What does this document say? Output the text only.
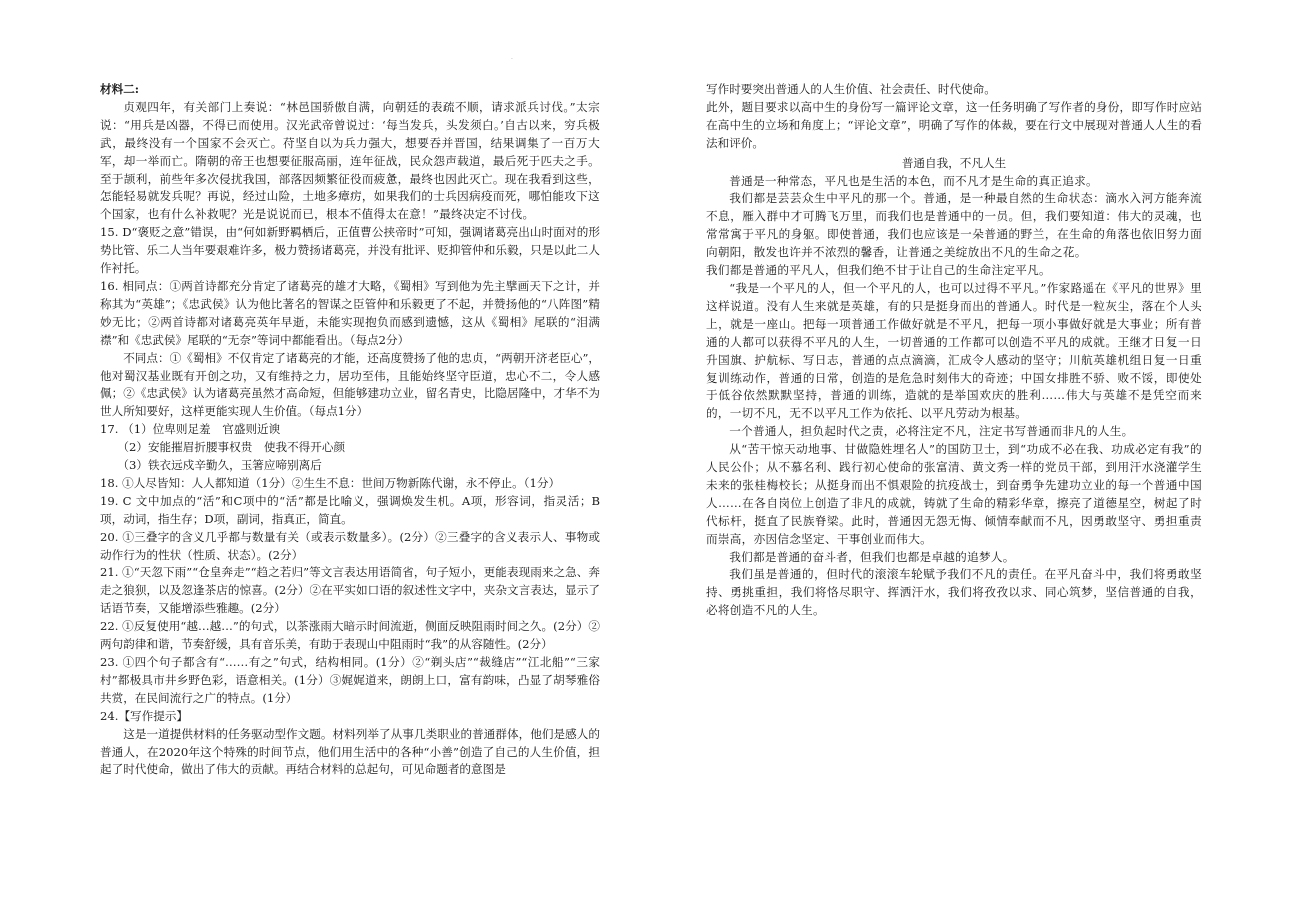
·

材料二:

贞观四年，有关部门上奏说：“林邑国骄傲自满，向朝廷的表疏不顺，请求派兵讨伐。”太宗说：“用兵是凶器，不得已而使用。汉光武帝曾说过：‘每当发兵，头发须白。’自古以来，穷兵极武，最终没有一个国家不会灭亡。苻坚自以为兵力强大，想要吞并晋国，结果调集了一百万大军，却一举而亡。隋朝的帝王也想要征服高丽，连年征战，民众怨声载道，最后死于匹夫之手。至于颉利，前些年多次侵扰我国，部落因频繁征役而疲惫，最终也因此灭亡。现在我看到这些，怎能轻易就发兵呢？再说，经过山险，土地多瘴疠，如果我们的士兵因病疫而死，哪怕能攻下这个国家，也有什么补救呢？光是说说而已，根本不值得太在意！”最终决定不讨伐。

15. D“褒贬之意”错误，由“何如新野羁栖后，正值曹公挟帝时”可知，强调诸葛亮出山时面对的形势比管、乐二人当年要艰难许多，极力赞扬诸葛亮，并没有批评、贬抑管仲和乐毅，只是以此二人作衬托。

16. 相同点：①两首诗都充分肯定了诸葛亮的雄才大略，《蜀相》写到他为先主擘画天下之计，并称其为“英雄”；《忠武侯》认为他比著名的智谋之臣管仲和乐毅更了不起，并赞扬他的“八阵图”精妙无比；②两首诗都对诸葛亮英年早逝，未能实现抱负而感到遗憾，这从《蜀相》尾联的“泪满襟”和《忠武侯》尾联的“无奈”等词中都能看出。（每点2分）

不同点：①《蜀相》不仅肯定了诸葛亮的才能，还高度赞扬了他的忠贞，“两朝开济老臣心”，他对蜀汉基业既有开创之功，又有维持之力，居功至伟，且能始终坚守臣道，忠心不二，令人感佩；②《忠武侯》认为诸葛亮虽然才高命短，但能够建功立业，留名青史，比隐居隆中，才华不为世人所知要好，这样更能实现人生价值。（每点1分）

17. （1）位卑则足羞　官盛则近谀

（2）安能摧眉折腰事权贵　使我不得开心颜

（3）铁衣远戍辛勤久，玉箸应啼别离后

18. ①人尽皆知：人人都知道（1分）②生生不息：世间万物新陈代谢，永不停止。（1分）

19. C 文中加点的“活”和C项中的“活”都是比喻义，强调焕发生机。A项，形容词，指灵活；B项，动词，指生存；D项，副词，指真正，简直。

20. ①三叠字的含义几乎都与数量有关（或表示数量多）。(2分）②三叠字的含义表示人、事物或动作行为的性状（性质、状态）。(2分）

21. ①“天忽下雨”“仓皇奔走”“趋之若归”等文言表达用语简省，句子短小，更能表现雨来之急、奔走之狼狈，以及忽逢茶店的惊喜。(2分）②在平实如口语的叙述性文字中，夹杂文言表达，显示了话语节奏，又能增添些雅趣。(2分）

22. ①反复使用“越…越…”的句式，以茶涨雨大暗示时间流逝，侧面反映阻雨时间之久。(2分）②两句韵律和谐，节奏舒缓，具有音乐美，有助于表现山中阻雨时“我”的从容随性。(2分）

23. ①四个句子都含有“……有之”句式，结构相同。(1分）②“剃头店”“裁缝店”“江北船”“三家村”都极具市井乡野色彩，语意相关。(1分）③娓娓道来，朗朗上口，富有韵味，凸显了胡琴雅俗共赏，在民间流行之广的特点。(1分）

24.【写作提示】

这是一道提供材料的任务驱动型作文题。材料列举了从事几类职业的普通群体，他们是感人的普通人，在2020年这个特殊的时间节点，他们用生活中的各种“小善”创造了自己的人生价值，担起了时代使命，做出了伟大的贡献。再结合材料的总起句，可见命题者的意图是

写作时要突出普通人的人生价值、社会责任、时代使命。

此外，题目要求以高中生的身份写一篇评论文章，这一任务明确了写作者的身份，即写作时应站在高中生的立场和角度上；“评论文章”，明确了写作的体裁，要在行文中展现对普通人人生的看法和评价。

普通自我，不凡人生

普通是一种常态，平凡也是生活的本色，而不凡才是生命的真正追求。

我们都是芸芸众生中平凡的那一个。普通，是一种最自然的生命状态：滴水入河方能奔流不息，雁入群中才可腾飞万里，而我们也是普通中的一员。但，我们要知道：伟大的灵魂，也常常寓于平凡的身躯。即使普通，我们也应该是一朵普通的野兰，在生命的角落也依旧努力面向朝阳，散发也许并不浓烈的馨香，让普通之美绽放出不凡的生命之花。

我们都是普通的平凡人，但我们绝不甘于让自己的生命注定平凡。

“我是一个平凡的人，但一个平凡的人，也可以过得不平凡。”作家路遥在《平凡的世界》里这样说道。没有人生来就是英雄，有的只是挺身而出的普通人。时代是一粒灰尘，落在个人头上，就是一座山。把每一项普通工作做好就是不平凡，把每一项小事做好就是大事业；所有普通的人都可以获得不平凡的人生，一切普通的工作都可以创造不平凡的成就。王继才日复一日升国旗、护航标、写日志，普通的点点滴滴，汇成令人感动的坚守；川航英雄机组日复一日重复训练动作，普通的日常，创造的是危急时刻伟大的奇迹；中国女排胜不骄、败不馁，即使处于低谷依然默默坚持，普通的训练，造就的是举国欢庆的胜利……伟大与英雄不是凭空而来的，一切不凡，无不以平凡工作为依托、以平凡劳动为根基。

一个普通人，担负起时代之责，必将注定不凡，注定书写普通而非凡的人生。

从“苦干惊天动地事、甘做隐姓埋名人”的国防卫士，到“功成不必在我、功成必定有我”的人民公仆；从不慕名利、践行初心使命的张富清、黄文秀一样的党员干部，到用汗水浇灌学生未来的张桂梅校长；从挺身而出不惧艰险的抗疫战士，到奋勇争先建功立业的每一个普通中国人……在各自岗位上创造了非凡的成就，铸就了生命的精彩华章，擦亮了道德星空，树起了时代标杆，挺直了民族脊梁。此时，普通因无怨无悔、倾情奉献而不凡，因勇敢坚守、勇担重责而崇高，亦因信念坚定、干事创业而伟大。

我们都是普通的奋斗者，但我们也都是卓越的追梦人。

我们虽是普通的，但时代的滚滚车轮赋予我们不凡的责任。在平凡奋斗中，我们将勇敢坚持、勇挑重担，我们将恪尽职守、挥洒汗水，我们将孜孜以求、同心筑梦，坚信普通的自我，必将创造不凡的人生。
